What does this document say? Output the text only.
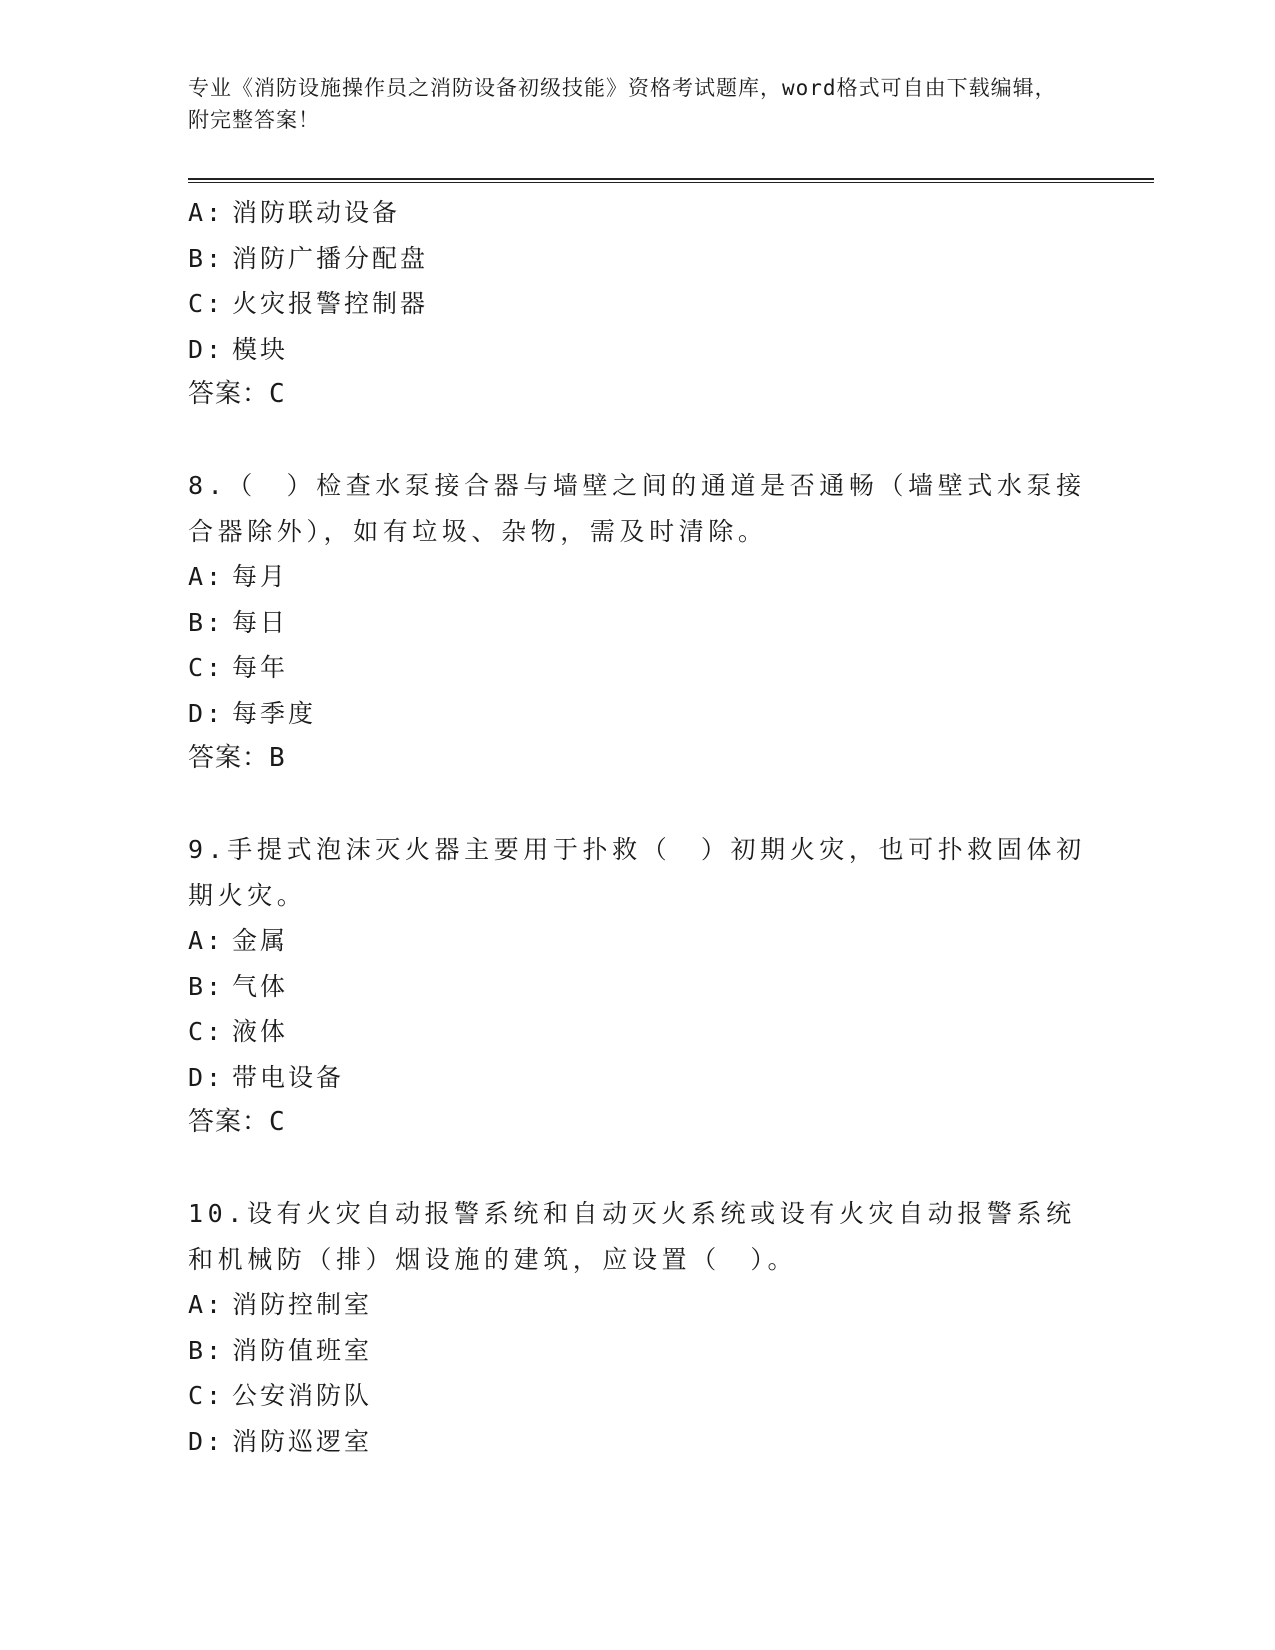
专业《消防设施操作员之消防设备初级技能》资格考试题库，word格式可自由下载编辑，附完整答案！
A: 消防联动设备
B: 消防广播分配盘
C: 火灾报警控制器
D: 模块
答案：C
8.（　）检查水泵接合器与墙壁之间的通道是否通畅（墙壁式水泵接合器除外），如有垃圾、杂物，需及时清除。
A: 每月
B: 每日
C: 每年
D: 每季度
答案：B
9.手提式泡沫灭火器主要用于扑救（　）初期火灾，也可扑救固体初期火灾。
A: 金属
B: 气体
C: 液体
D: 带电设备
答案：C
10.设有火灾自动报警系统和自动灭火系统或设有火灾自动报警系统和机械防（排）烟设施的建筑，应设置（　）。
A: 消防控制室
B: 消防值班室
C: 公安消防队
D: 消防巡逻室
